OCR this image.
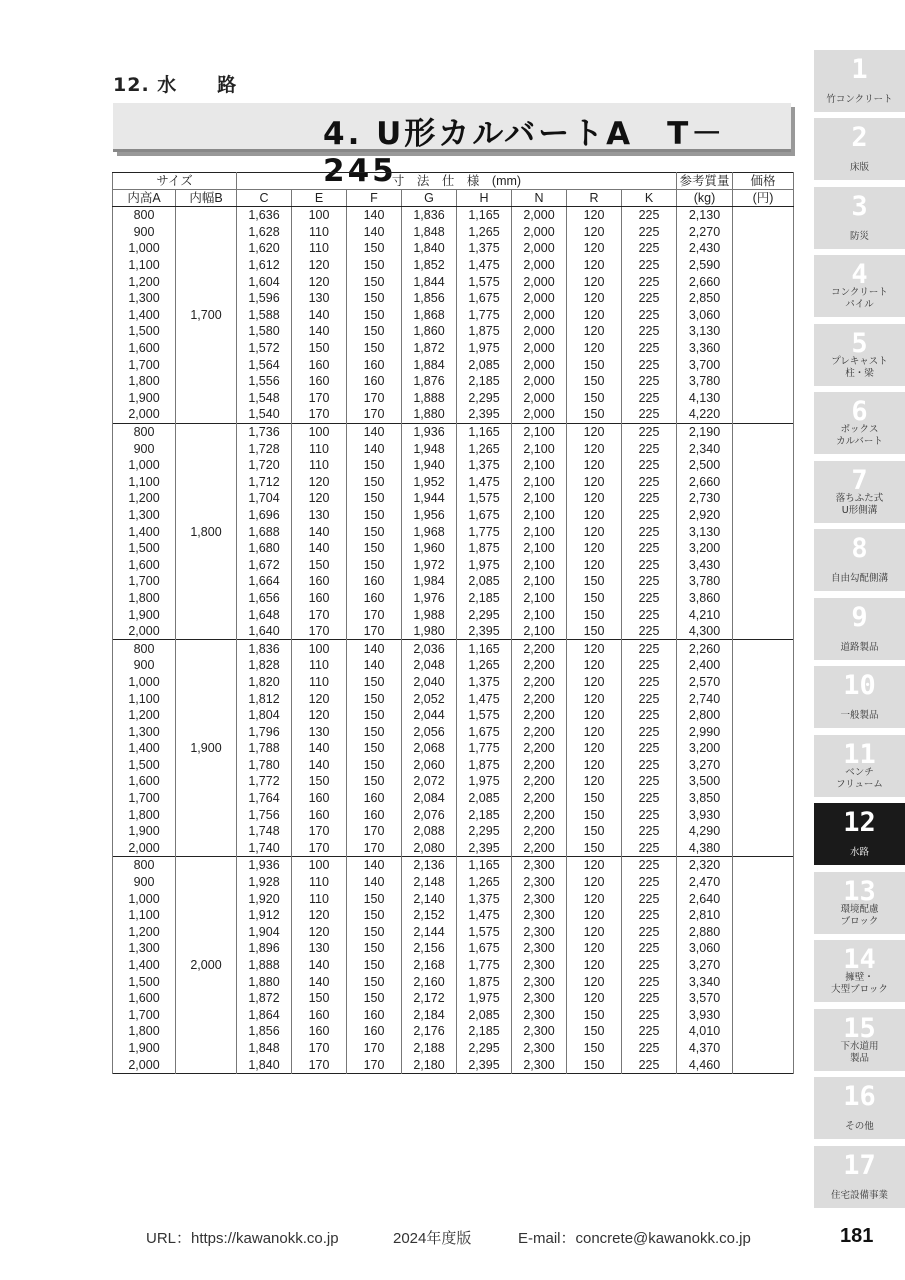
12. 水　　路
4. U形カルバートA　T－245
サイズ		寸　法　仕　様　(mm)								参考質量	価格
内高A	内幅B	C	E	F	G	H	N	R	K	(kg)	(円)
800	1,700	1,636	100	140	1,836	1,165	2,000	120	225	2,130	
900		1,628	110	140	1,848	1,265	2,000	120	225	2,270	
1,000		1,620	110	150	1,840	1,375	2,000	120	225	2,430	
1,100		1,612	120	150	1,852	1,475	2,000	120	225	2,590	
1,200		1,604	120	150	1,844	1,575	2,000	120	225	2,660	
1,300		1,596	130	150	1,856	1,675	2,000	120	225	2,850	
1,400		1,588	140	150	1,868	1,775	2,000	120	225	3,060	
1,500		1,580	140	150	1,860	1,875	2,000	120	225	3,130	
1,600		1,572	150	150	1,872	1,975	2,000	120	225	3,360	
1,700		1,564	160	160	1,884	2,085	2,000	150	225	3,700	
1,800		1,556	160	160	1,876	2,185	2,000	150	225	3,780	
1,900		1,548	170	170	1,888	2,295	2,000	150	225	4,130	
2,000		1,540	170	170	1,880	2,395	2,000	150	225	4,220	
800	1,800	1,736	100	140	1,936	1,165	2,100	120	225	2,190	
900		1,728	110	140	1,948	1,265	2,100	120	225	2,340	
1,000		1,720	110	150	1,940	1,375	2,100	120	225	2,500	
1,100		1,712	120	150	1,952	1,475	2,100	120	225	2,660	
1,200		1,704	120	150	1,944	1,575	2,100	120	225	2,730	
1,300		1,696	130	150	1,956	1,675	2,100	120	225	2,920	
1,400		1,688	140	150	1,968	1,775	2,100	120	225	3,130	
1,500		1,680	140	150	1,960	1,875	2,100	120	225	3,200	
1,600		1,672	150	150	1,972	1,975	2,100	120	225	3,430	
1,700		1,664	160	160	1,984	2,085	2,100	150	225	3,780	
1,800		1,656	160	160	1,976	2,185	2,100	150	225	3,860	
1,900		1,648	170	170	1,988	2,295	2,100	150	225	4,210	
2,000		1,640	170	170	1,980	2,395	2,100	150	225	4,300	
800	1,900	1,836	100	140	2,036	1,165	2,200	120	225	2,260	
900		1,828	110	140	2,048	1,265	2,200	120	225	2,400	
1,000		1,820	110	150	2,040	1,375	2,200	120	225	2,570	
1,100		1,812	120	150	2,052	1,475	2,200	120	225	2,740	
1,200		1,804	120	150	2,044	1,575	2,200	120	225	2,800	
1,300		1,796	130	150	2,056	1,675	2,200	120	225	2,990	
1,400		1,788	140	150	2,068	1,775	2,200	120	225	3,200	
1,500		1,780	140	150	2,060	1,875	2,200	120	225	3,270	
1,600		1,772	150	150	2,072	1,975	2,200	120	225	3,500	
1,700		1,764	160	160	2,084	2,085	2,200	150	225	3,850	
1,800		1,756	160	160	2,076	2,185	2,200	150	225	3,930	
1,900		1,748	170	170	2,088	2,295	2,200	150	225	4,290	
2,000		1,740	170	170	2,080	2,395	2,200	150	225	4,380	
800	2,000	1,936	100	140	2,136	1,165	2,300	120	225	2,320	
900		1,928	110	140	2,148	1,265	2,300	120	225	2,470	
1,000		1,920	110	150	2,140	1,375	2,300	120	225	2,640	
1,100		1,912	120	150	2,152	1,475	2,300	120	225	2,810	
1,200		1,904	120	150	2,144	1,575	2,300	120	225	2,880	
1,300		1,896	130	150	2,156	1,675	2,300	120	225	3,060	
1,400		1,888	140	150	2,168	1,775	2,300	120	225	3,270	
1,500		1,880	140	150	2,160	1,875	2,300	120	225	3,340	
1,600		1,872	150	150	2,172	1,975	2,300	120	225	3,570	
1,700		1,864	160	160	2,184	2,085	2,300	150	225	3,930	
1,800		1,856	160	160	2,176	2,185	2,300	150	225	4,010	
1,900		1,848	170	170	2,188	2,295	2,300	150	225	4,370	
2,000		1,840	170	170	2,180	2,395	2,300	150	225	4,460	
1
竹コンクリート
2
床版
3
防災
4
コンクリート
パイル
5
プレキャスト
柱・梁
6
ボックス
カルバート
7
落ちふた式
U形側溝
8
自由勾配側溝
9
道路製品
10
一般製品
11
ベンチ
フリューム
12
水路
13
環境配慮
ブロック
14
擁壁・
大型ブロック
15
下水道用
製品
16
その他
17
住宅設備事業
URL：https://kawanokk.co.jp	2024年度版	E-mail：concrete@kawanokk.co.jp	181
